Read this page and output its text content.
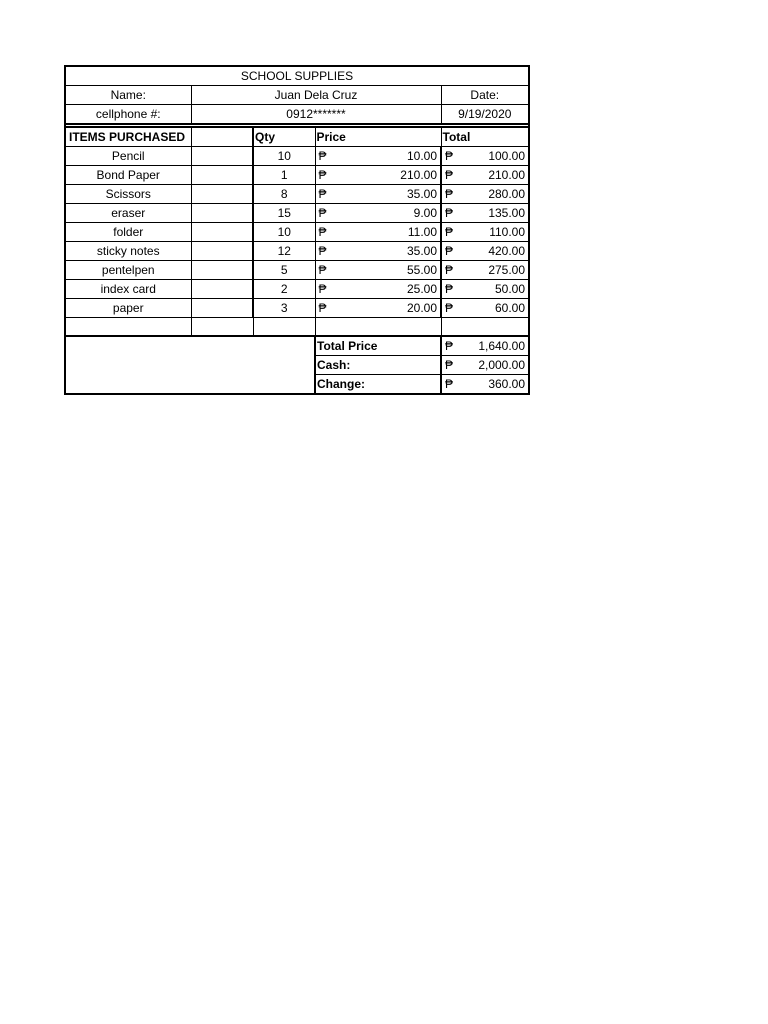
SCHOOL SUPPLIES				
Name:	Juan Dela Cruz			Date:
cellphone #:	0912*******			9/19/2020

ITEMS PURCHASED		Qty	Price	Total
Pencil		10	₱ 10.00	₱ 100.00

Bond Paper		1	₱ 210.00	₱ 210.00

Scissors		8	₱ 35.00	₱ 280.00

eraser		15	₱ 9.00	₱ 135.00

folder		10	₱ 11.00	₱ 110.00

sticky notes		12	₱ 35.00	₱ 420.00

pentelpen		5	₱ 55.00	₱ 275.00

index card		2	₱ 25.00	₱ 50.00

paper		3	₱ 20.00	₱ 60.00

			Total Price	₱ 1,640.00

			Cash:	₱ 2,000.00

			Change:	₱ 360.00
